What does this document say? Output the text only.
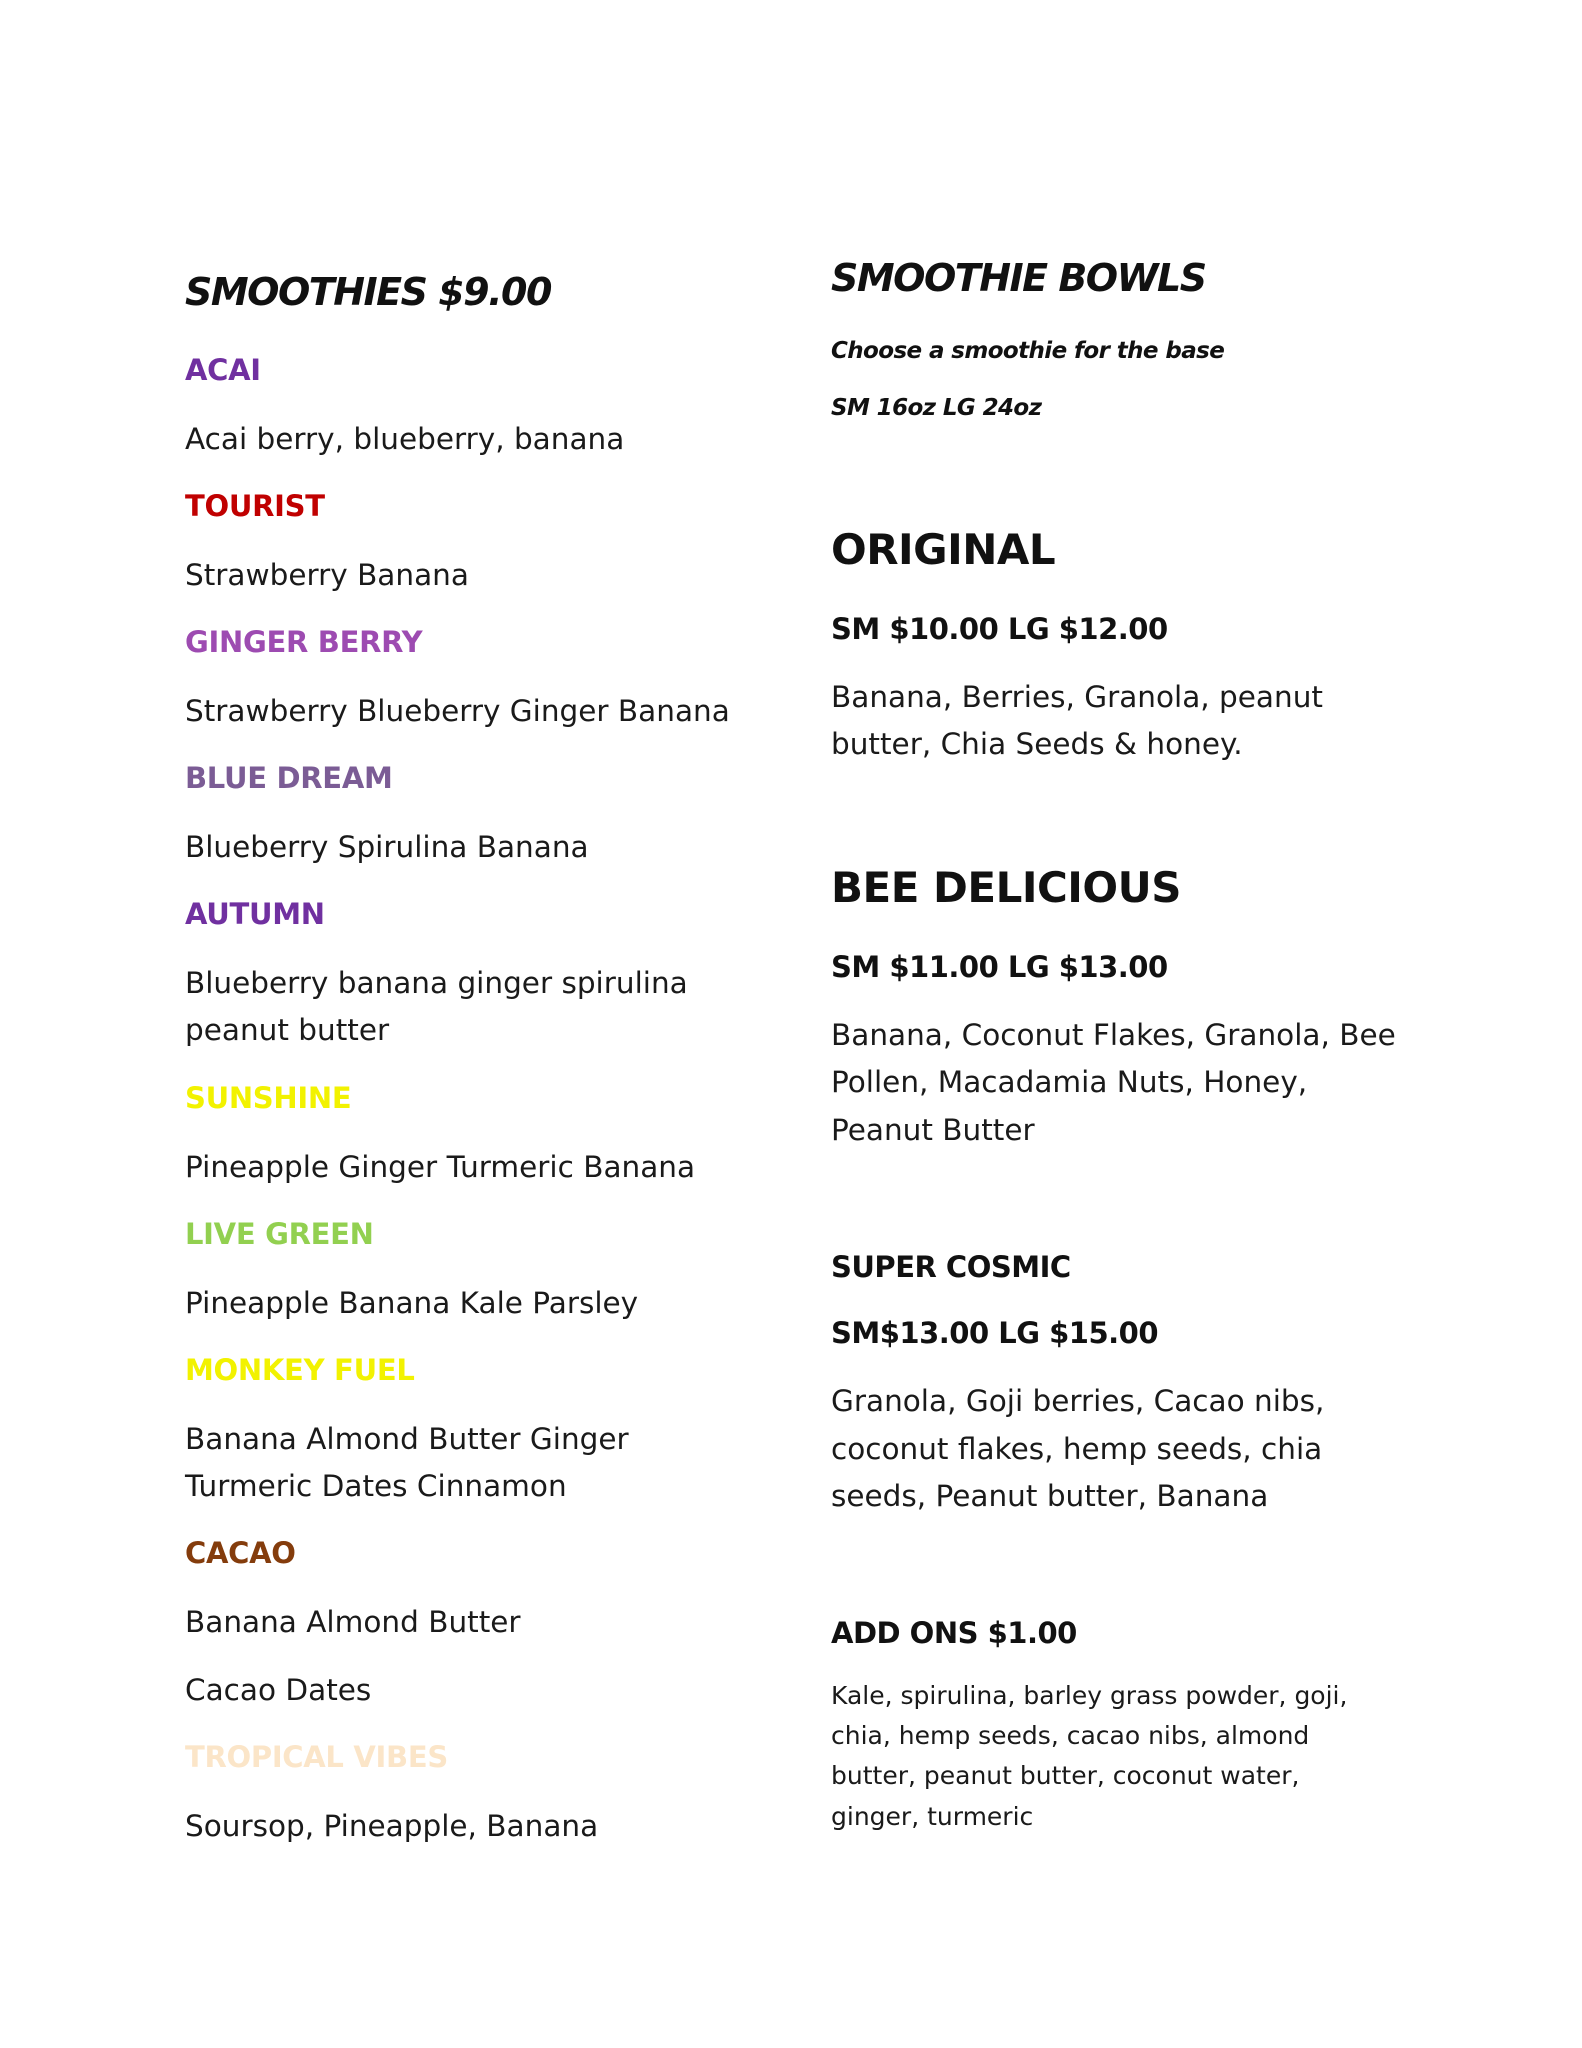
SMOOTHIES $9.00
ACAI
Acai berry, blueberry, banana
TOURIST
Strawberry Banana
GINGER BERRY
Strawberry Blueberry Ginger Banana
BLUE DREAM
Blueberry Spirulina Banana
AUTUMN
Blueberry banana ginger spirulina
peanut butter
SUNSHINE
Pineapple Ginger Turmeric Banana
LIVE GREEN
Pineapple Banana Kale Parsley
MONKEY FUEL
Banana Almond Butter Ginger
Turmeric Dates Cinnamon
CACAO
Banana Almond Butter
Cacao Dates
TROPICAL VIBES
Soursop, Pineapple, Banana
SMOOTHIE BOWLS
Choose a smoothie for the base
SM 16oz LG 24oz
ORIGINAL
SM $10.00 LG $12.00
Banana, Berries, Granola, peanut
butter, Chia Seeds & honey.
BEE DELICIOUS
SM $11.00 LG $13.00
Banana, Coconut Flakes, Granola, Bee
Pollen, Macadamia Nuts, Honey,
Peanut Butter
SUPER COSMIC
SM$13.00 LG $15.00
Granola, Goji berries, Cacao nibs,
coconut flakes, hemp seeds, chia
seeds, Peanut butter, Banana
ADD ONS $1.00
Kale, spirulina, barley grass powder, goji,
chia, hemp seeds, cacao nibs, almond
butter, peanut butter, coconut water,
ginger, turmeric
